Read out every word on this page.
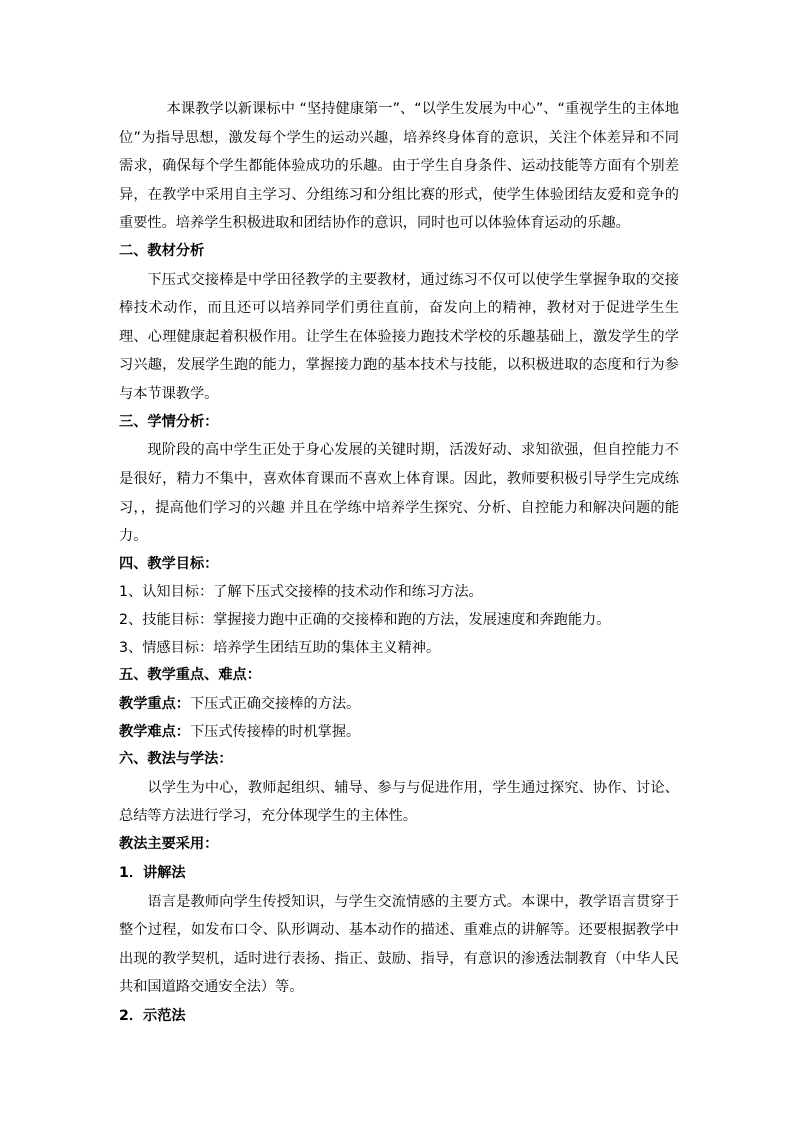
本课教学以新课标中 “坚持健康第一”、“以学生发展为中心”、“重视学生的主体地位”为指导思想，激发每个学生的运动兴趣，培养终身体育的意识，关注个体差异和不同需求，确保每个学生都能体验成功的乐趣。由于学生自身条件、运动技能等方面有个别差异，在教学中采用自主学习、分组练习和分组比赛的形式，使学生体验团结友爱和竞争的重要性。培养学生积极进取和团结协作的意识，同时也可以体验体育运动的乐趣。

二、教材分析

下压式交接棒是中学田径教学的主要教材，通过练习不仅可以使学生掌握争取的交接棒技术动作，而且还可以培养同学们勇往直前，奋发向上的精神，教材对于促进学生生理、心理健康起着积极作用。让学生在体验接力跑技术学校的乐趣基础上，激发学生的学习兴趣，发展学生跑的能力，掌握接力跑的基本技术与技能，以积极进取的态度和行为参与本节课教学。

三、学情分析：

现阶段的高中学生正处于身心发展的关键时期，活泼好动、求知欲强，但自控能力不是很好，精力不集中，喜欢体育课而不喜欢上体育课。因此，教师要积极引导学生完成练习，，提高他们学习的兴趣 并且在学练中培养学生探究、分析、自控能力和解决问题的能力。

四、教学目标：

1、认知目标：了解下压式交接棒的技术动作和练习方法。

2、技能目标：掌握接力跑中正确的交接棒和跑的方法，发展速度和奔跑能力。

3、情感目标：培养学生团结互助的集体主义精神。

五、教学重点、难点：

教学重点：下压式正确交接棒的方法。

教学难点：下压式传接棒的时机掌握。

六、教法与学法：

以学生为中心，教师起组织、辅导、参与与促进作用，学生通过探究、协作、讨论、总结等方法进行学习，充分体现学生的主体性。

教法主要采用：

1．讲解法

语言是教师向学生传授知识，与学生交流情感的主要方式。本课中，教学语言贯穿于整个过程，如发布口令、队形调动、基本动作的描述、重难点的讲解等。还要根据教学中出现的教学契机，适时进行表扬、指正、鼓励、指导，有意识的渗透法制教育（中华人民共和国道路交通安全法）等。

2．示范法
